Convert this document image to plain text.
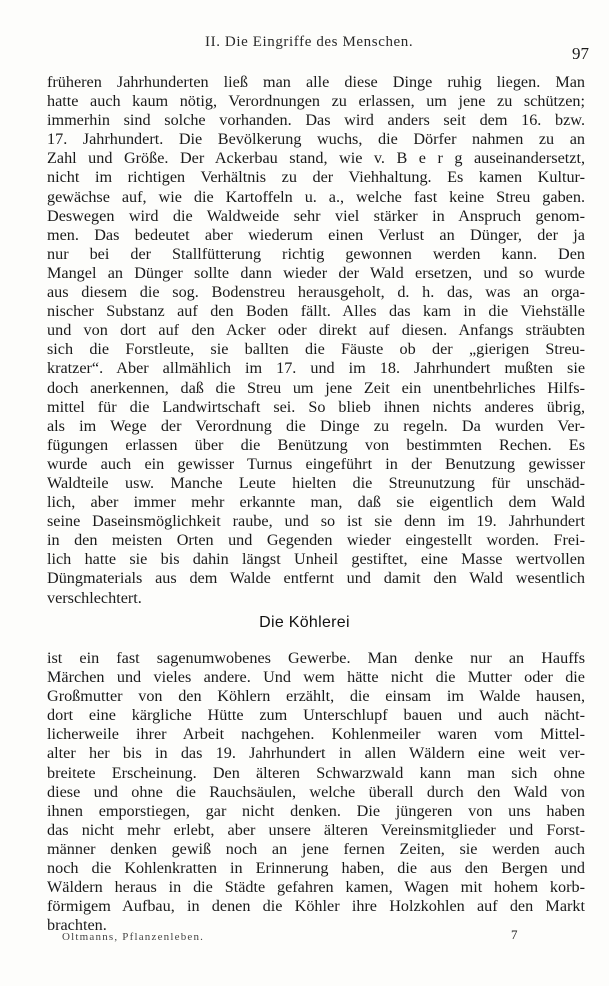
II. Die Eingriffe des Menschen.
97
früheren Jahrhunderten ließ man alle diese Dinge ruhig liegen. Man
hatte auch kaum nötig, Verordnungen zu erlassen, um jene zu schützen;
immerhin sind solche vorhanden. Das wird anders seit dem 16. bzw.
17. Jahrhundert. Die Bevölkerung wuchs, die Dörfer nahmen zu an
Zahl und Größe. Der Ackerbau stand, wie v. B e r g auseinandersetzt,
nicht im richtigen Verhältnis zu der Viehhaltung. Es kamen Kultur-
gewächse auf, wie die Kartoffeln u. a., welche fast keine Streu gaben.
Deswegen wird die Waldweide sehr viel stärker in Anspruch genom-
men. Das bedeutet aber wiederum einen Verlust an Dünger, der ja
nur bei der Stallfütterung richtig gewonnen werden kann. Den
Mangel an Dünger sollte dann wieder der Wald ersetzen, und so wurde
aus diesem die sog. Bodenstreu herausgeholt, d. h. das, was an orga-
nischer Substanz auf den Boden fällt. Alles das kam in die Viehställe
und von dort auf den Acker oder direkt auf diesen. Anfangs sträubten
sich die Forstleute, sie ballten die Fäuste ob der „gierigen Streu-
kratzer“. Aber allmählich im 17. und im 18. Jahrhundert mußten sie
doch anerkennen, daß die Streu um jene Zeit ein unentbehrliches Hilfs-
mittel für die Landwirtschaft sei. So blieb ihnen nichts anderes übrig,
als im Wege der Verordnung die Dinge zu regeln. Da wurden Ver-
fügungen erlassen über die Benützung von bestimmten Rechen. Es
wurde auch ein gewisser Turnus eingeführt in der Benutzung gewisser
Waldteile usw. Manche Leute hielten die Streunutzung für unschäd-
lich, aber immer mehr erkannte man, daß sie eigentlich dem Wald
seine Daseinsmöglichkeit raube, und so ist sie denn im 19. Jahrhundert
in den meisten Orten und Gegenden wieder eingestellt worden. Frei-
lich hatte sie bis dahin längst Unheil gestiftet, eine Masse wertvollen
Düngmaterials aus dem Walde entfernt und damit den Wald wesentlich
verschlechtert.
Die Köhlerei
ist ein fast sagenumwobenes Gewerbe. Man denke nur an Hauffs
Märchen und vieles andere. Und wem hätte nicht die Mutter oder die
Großmutter von den Köhlern erzählt, die einsam im Walde hausen,
dort eine kärgliche Hütte zum Unterschlupf bauen und auch nächt-
licherweile ihrer Arbeit nachgehen. Kohlenmeiler waren vom Mittel-
alter her bis in das 19. Jahrhundert in allen Wäldern eine weit ver-
breitete Erscheinung. Den älteren Schwarzwald kann man sich ohne
diese und ohne die Rauchsäulen, welche überall durch den Wald von
ihnen emporstiegen, gar nicht denken. Die jüngeren von uns haben
das nicht mehr erlebt, aber unsere älteren Vereinsmitglieder und Forst-
männer denken gewiß noch an jene fernen Zeiten, sie werden auch
noch die Kohlenkratten in Erinnerung haben, die aus den Bergen und
Wäldern heraus in die Städte gefahren kamen, Wagen mit hohem korb-
förmigem Aufbau, in denen die Köhler ihre Holzkohlen auf den Markt
brachten.
Oltmanns, Pflanzenleben.	7
